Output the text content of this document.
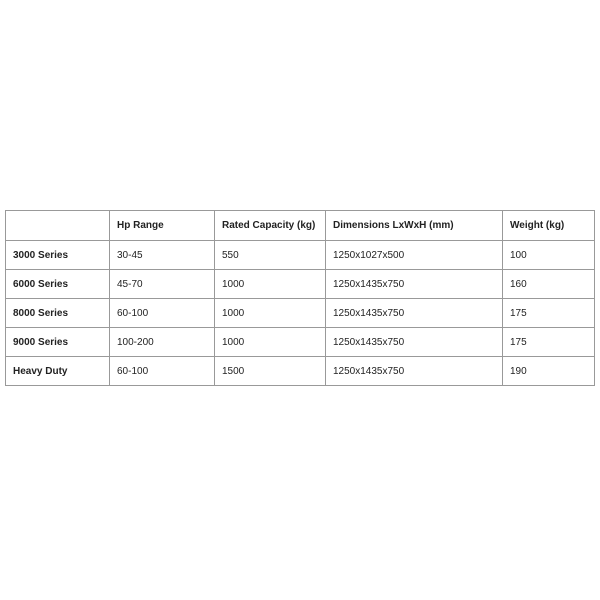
	Hp Range	Rated Capacity (kg)	Dimensions LxWxH (mm)	Weight (kg)
3000 Series	30-45	550	1250x1027x500	100
6000 Series	45-70	1000	1250x1435x750	160
8000 Series	60-100	1000	1250x1435x750	175
9000 Series	100-200	1000	1250x1435x750	175
Heavy Duty	60-100	1500	1250x1435x750	190
